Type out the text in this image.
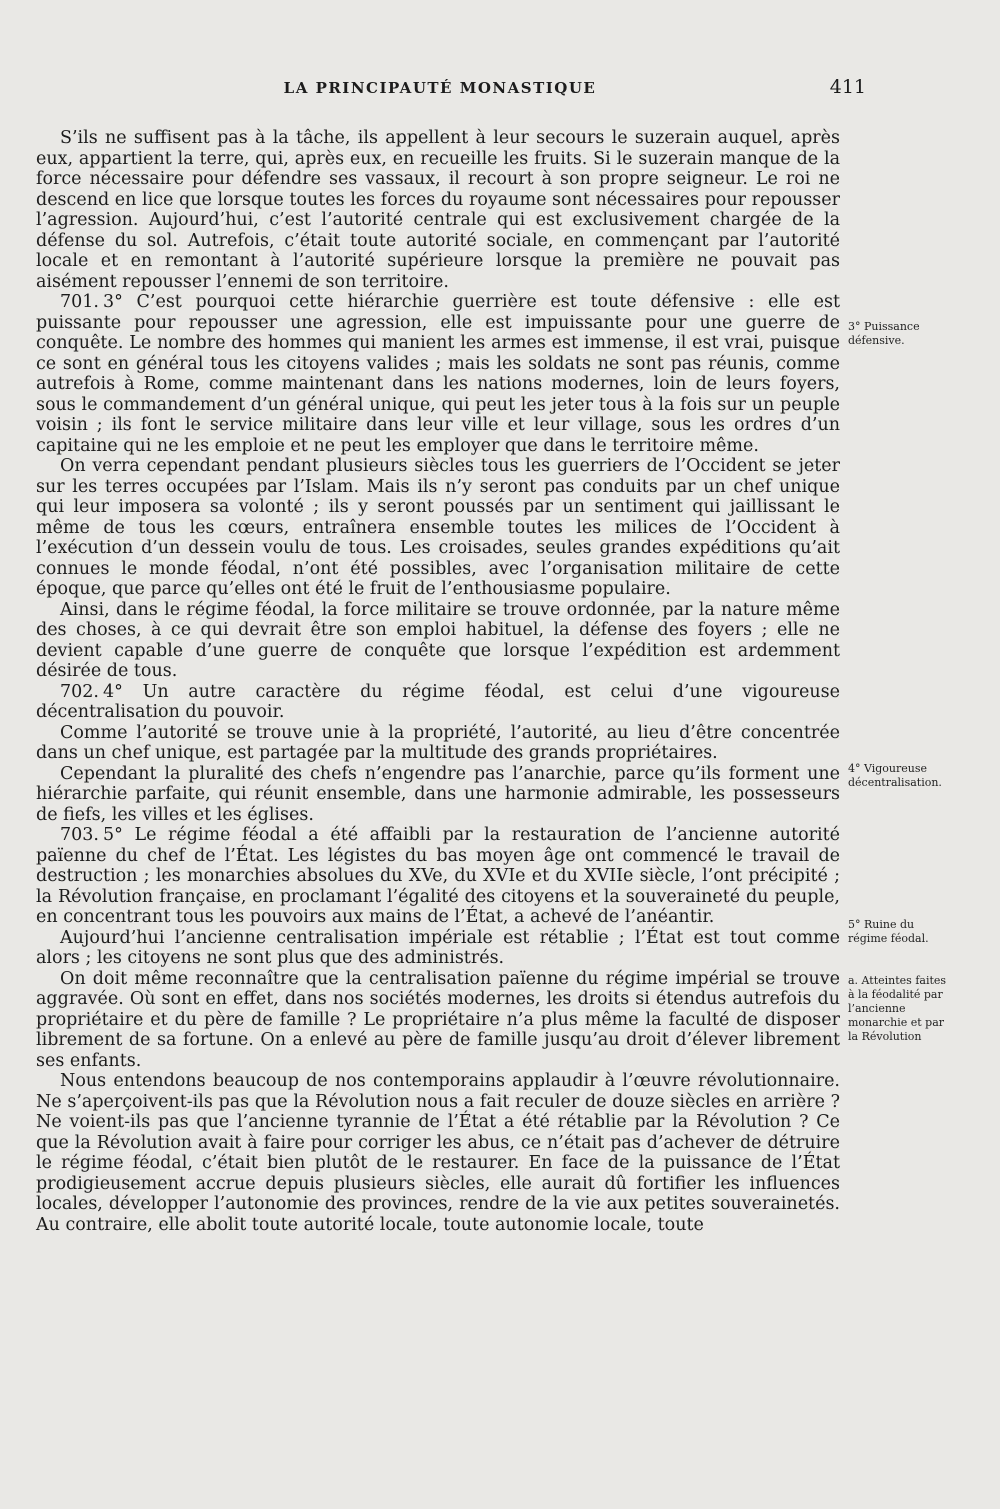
LA PRINCIPAUTÉ MONASTIQUE	411

S’ils ne suffisent pas à la tâche, ils appellent à leur secours le suzerain auquel, après eux, appartient la terre, qui, après eux, en recueille les fruits. Si le suzerain manque de la force nécessaire pour défendre ses vassaux, il recourt à son propre seigneur. Le roi ne descend en lice que lorsque toutes les forces du royaume sont nécessaires pour repousser l’agression. Aujourd’hui, c’est l’autorité centrale qui est exclusivement chargée de la défense du sol. Autrefois, c’était toute autorité sociale, en commençant par l’autorité locale et en remontant à l’autorité supérieure lorsque la première ne pouvait pas aisément repousser l’ennemi de son territoire.

701. 3° C’est pourquoi cette hiérarchie guerrière est toute défensive : elle est puissante pour repousser une agression, elle est impuissante pour une guerre de conquête. Le nombre des hommes qui manient les armes est immense, il est vrai, puisque ce sont en général tous les citoyens valides ; mais les soldats ne sont pas réunis, comme autrefois à Rome, comme maintenant dans les nations modernes, loin de leurs foyers, sous le commandement d’un général unique, qui peut les jeter tous à la fois sur un peuple voisin ; ils font le service militaire dans leur ville et leur village, sous les ordres d’un capitaine qui ne les emploie et ne peut les employer que dans le territoire même.

On verra cependant pendant plusieurs siècles tous les guerriers de l’Occident se jeter sur les terres occupées par l’Islam. Mais ils n’y seront pas conduits par un chef unique qui leur imposera sa volonté ; ils y seront poussés par un sentiment qui jaillissant le même de tous les cœurs, entraînera ensemble toutes les milices de l’Occident à l’exécution d’un dessein voulu de tous. Les croisades, seules grandes expéditions qu’ait connues le monde féodal, n’ont été possibles, avec l’organisation militaire de cette époque, que parce qu’elles ont été le fruit de l’enthousiasme populaire.

Ainsi, dans le régime féodal, la force militaire se trouve ordonnée, par la nature même des choses, à ce qui devrait être son emploi habituel, la défense des foyers ; elle ne devient capable d’une guerre de conquête que lorsque l’expédition est ardemment désirée de tous.

702. 4° Un autre caractère du régime féodal, est celui d’une vigoureuse décentralisation du pouvoir.

Comme l’autorité se trouve unie à la propriété, l’autorité, au lieu d’être concentrée dans un chef unique, est partagée par la multitude des grands propriétaires.

Cependant la pluralité des chefs n’engendre pas l’anarchie, parce qu’ils forment une hiérarchie parfaite, qui réunit ensemble, dans une harmonie admirable, les possesseurs de fiefs, les villes et les églises.

703. 5° Le régime féodal a été affaibli par la restauration de l’ancienne autorité païenne du chef de l’État. Les légistes du bas moyen âge ont commencé le travail de destruction ; les monarchies absolues du XVe, du XVIe et du XVIIe siècle, l’ont précipité ; la Révolution française, en proclamant l’égalité des citoyens et la souveraineté du peuple, en concentrant tous les pouvoirs aux mains de l’État, a achevé de l’anéantir.

Aujourd’hui l’ancienne centralisation impériale est rétablie ; l’État est tout comme alors ; les citoyens ne sont plus que des administrés.

On doit même reconnaître que la centralisation païenne du régime impérial se trouve aggravée. Où sont en effet, dans nos sociétés modernes, les droits si étendus autrefois du propriétaire et du père de famille ? Le propriétaire n’a plus même la faculté de disposer librement de sa fortune. On a enlevé au père de famille jusqu’au droit d’élever librement ses enfants.

Nous entendons beaucoup de nos contemporains applaudir à l’œuvre révolutionnaire. Ne s’aperçoivent-ils pas que la Révolution nous a fait reculer de douze siècles en arrière ? Ne voient-ils pas que l’ancienne tyrannie de l’État a été rétablie par la Révolution ? Ce que la Révolution avait à faire pour corriger les abus, ce n’était pas d’achever de détruire le régime féodal, c’était bien plutôt de le restaurer. En face de la puissance de l’État prodigieusement accrue depuis plusieurs siècles, elle aurait dû fortifier les influences locales, développer l’autonomie des provinces, rendre de la vie aux petites souverainetés. Au contraire, elle abolit toute autorité locale, toute autonomie locale, toute

3° Puissance défensive.
4° Vigoureuse décentralisation.
5° Ruine du régime féodal.
a. Atteintes faites à la féodalité par l’ancienne monarchie et par la Révolution
